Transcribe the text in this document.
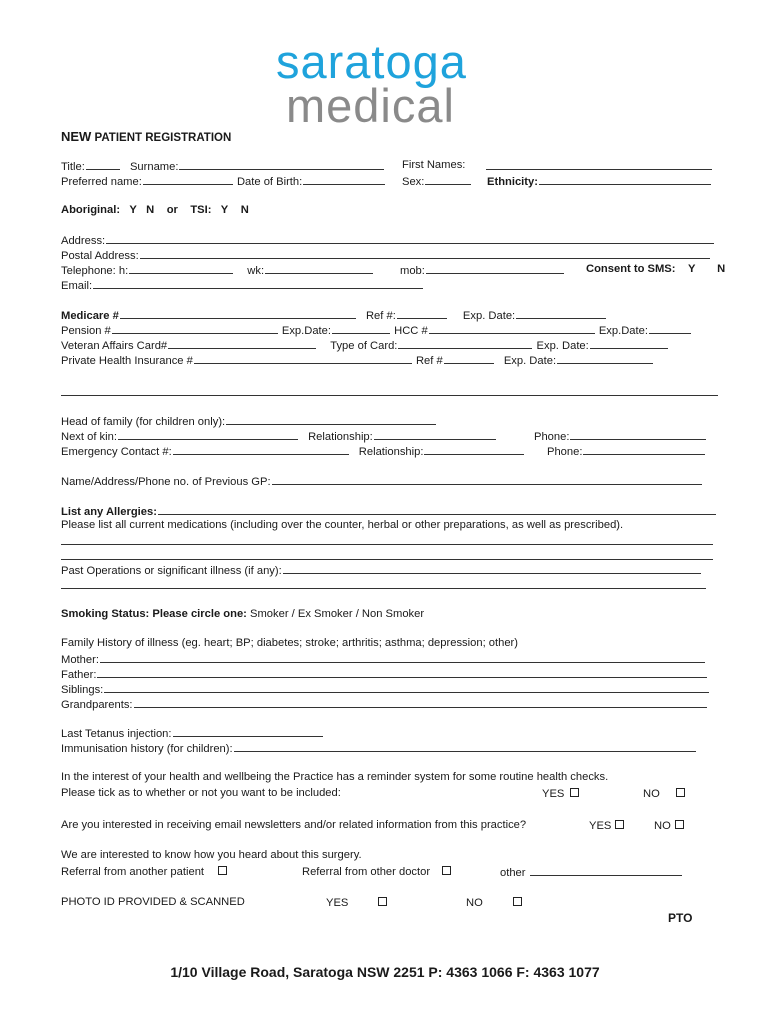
saratoga
medical
NEW PATIENT REGISTRATION
Title:	Surname:	First Names:
Preferred name:	Date of Birth:	Sex:	Ethnicity:
Aboriginal: Y N or TSI: Y N
Address:
Postal Address:
Telephone: h:	wk:	mob:	Consent to SMS: Y N
Email:
Medicare #	Ref #:	Exp. Date:
Pension #	Exp.Date:	HCC #	Exp.Date:
Veteran Affairs Card#	Type of Card:	Exp. Date:
Private Health Insurance #	Ref #	Exp. Date:
Head of family (for children only):
Next of kin:	Relationship:	Phone:
Emergency Contact #:	Relationship:	Phone:
Name/Address/Phone no. of Previous GP:
List any Allergies:
Please list all current medications (including over the counter, herbal or other preparations, as well as prescribed).
Past Operations or significant illness (if any):
Smoking Status: Please circle one: Smoker / Ex Smoker / Non Smoker
Family History of illness (eg. heart; BP; diabetes; stroke; arthritis; asthma; depression; other)
Mother:
Father:
Siblings:
Grandparents:
Last Tetanus injection:
Immunisation history (for children):
In the interest of your health and wellbeing the Practice has a reminder system for some routine health checks.
Please tick as to whether or not you want to be included:	YES	NO
Are you interested in receiving email newsletters and/or related information from this practice?	YES	NO
We are interested to know how you heard about this surgery.
Referral from another patient	Referral from other doctor	other
PHOTO ID PROVIDED & SCANNED	YES	NO
PTO
1/10 Village Road, Saratoga NSW 2251 P: 4363 1066 F: 4363 1077
